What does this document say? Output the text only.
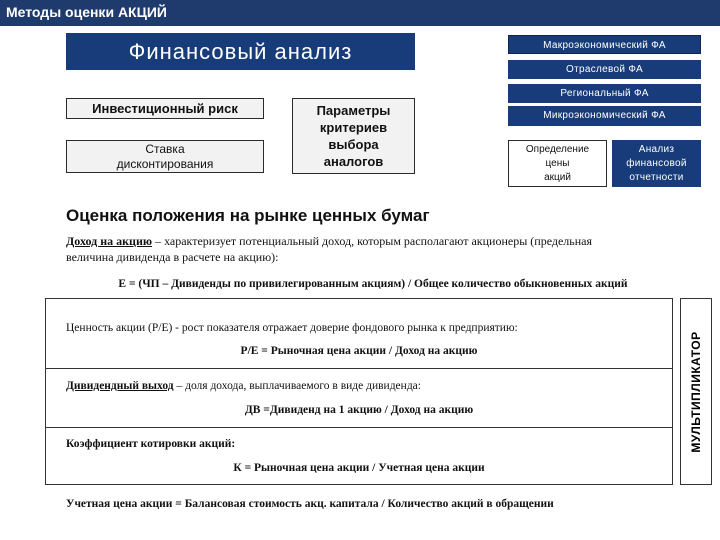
Методы оценки АКЦИЙ
Финансовый анализ	Макроэкономический ФА
Отраслевой ФА
Региональный ФА
Микроэкономический ФА
Определение
цены
акций
Анализ
финансовой
отчетности
Инвестиционный риск
Ставка
дисконтирования
Параметры
критериев
выбора
аналогов
Оценка положения на рынке ценных бумаг
Доход на акцию – характеризует потенциальный доход, которым располагают акционеры (предельная
величина дивиденда в расчете на акцию):
E = (ЧП – Дивиденды по привилегированным акциям) / Общее количество обыкновенных акций
Ценность акции (P/E) - рост показателя отражает доверие фондового рынка к предприятию:
P/E = Рыночная цена акции / Доход на акцию
Дивидендный выход – доля дохода, выплачиваемого в виде дивиденда:
ДВ =Дивиденд на 1 акцию / Доход на акцию
Коэффициент котировки акций:
К = Рыночная цена акции / Учетная цена акции
МУЛЬТИПЛИКАТОР
Учетная цена акции = Балансовая стоимость акц. капитала / Количество акций в обращении
